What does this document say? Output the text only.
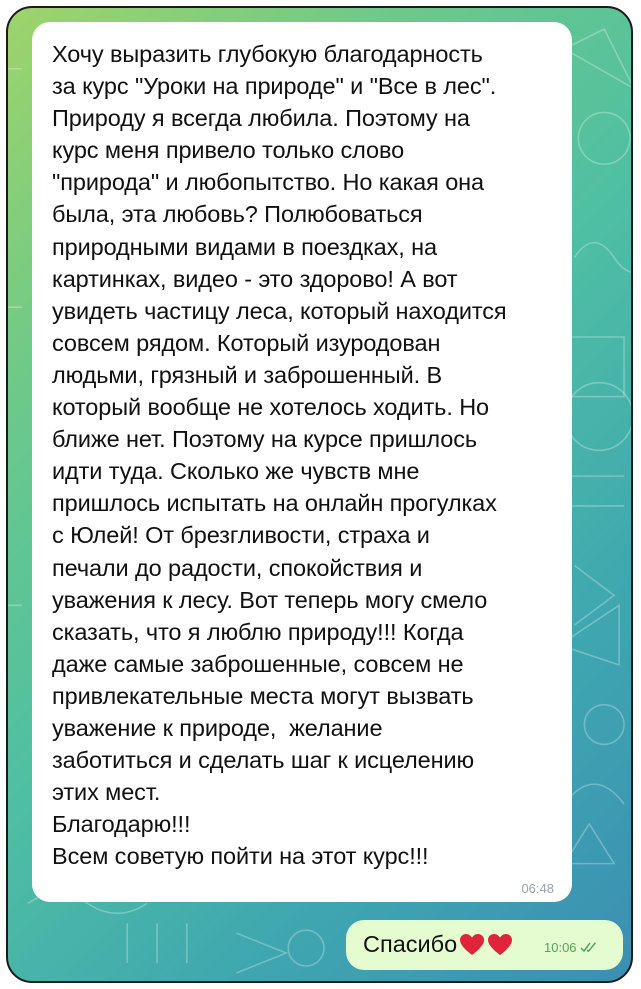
Хочу выразить глубокую благодарность
за курс "Уроки на природе" и "Все в лес".
Природу я всегда любила. Поэтому на
курс меня привело только слово
"природа" и любопытство. Но какая она
была, эта любовь? Полюбоваться
природными видами в поездках, на
картинках, видео - это здорово! А вот
увидеть частицу леса, который находится
совсем рядом. Который изуродован
людьми, грязный и заброшенный. В
который вообще не хотелось ходить. Но
ближе нет. Поэтому на курсе пришлось
идти туда. Сколько же чувств мне
пришлось испытать на онлайн прогулках
с Юлей! От брезгливости, страха и
печали до радости, спокойствия и
уважения к лесу. Вот теперь могу смело
сказать, что я люблю природу!!! Когда
даже самые заброшенные, совсем не
привлекательные места могут вызвать
уважение к природе,  желание
заботиться и сделать шаг к исцелению
этих мест.
Благодарю!!!
Всем советую пойти на этот курс!!!

06:48
Спасибо	10:06
